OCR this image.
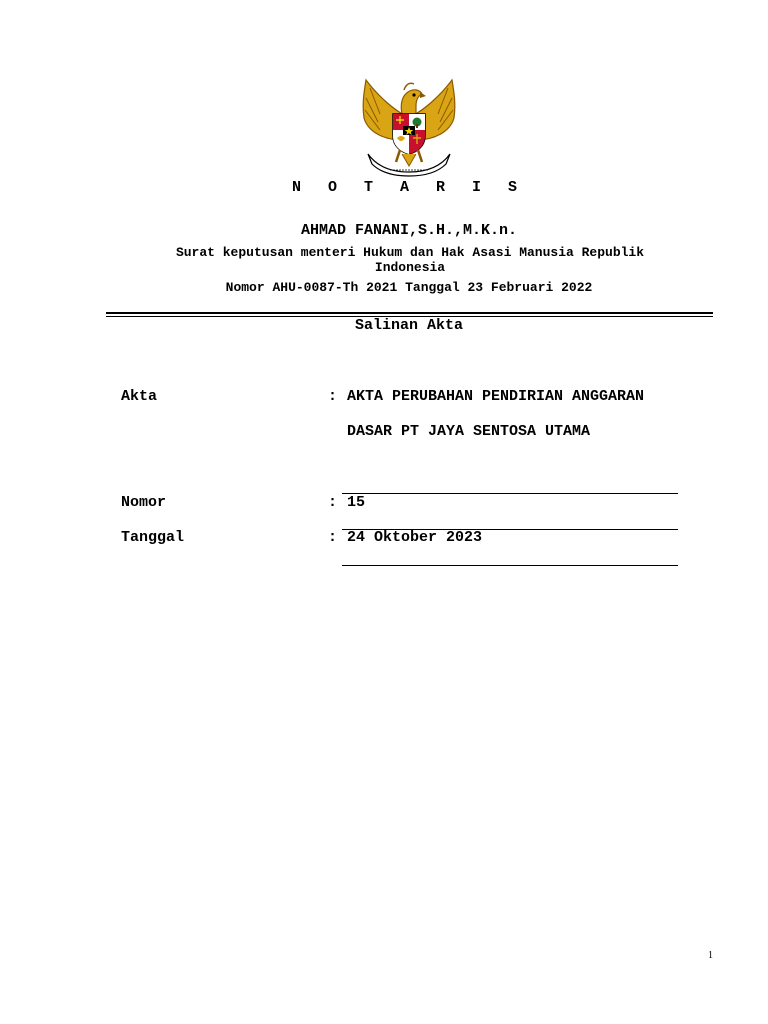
N O T A R I S
AHMAD FANANI,S.H.,M.K.n.
Surat keputusan menteri Hukum dan Hak Asasi Manusia Republik Indonesia
Nomor AHU-0087-Th 2021 Tanggal 23 Februari 2022
Salinan Akta
Akta	: AKTA PERUBAHAN PENDIRIAN ANGGARAN
DASAR PT JAYA SENTOSA UTAMA
Nomor	: 15
Tanggal	: 24 Oktober 2023
1
